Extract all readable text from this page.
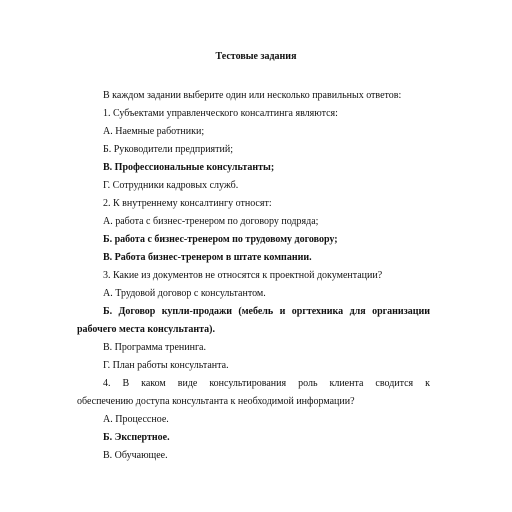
Тестовые задания
В каждом задании выберите один или несколько правильных ответов:
1. Субъектами управленческого консалтинга являются:
А. Наемные работники;
Б. Руководители предприятий;
В. Профессиональные консультанты;
Г. Сотрудники кадровых служб.
2. К внутреннему консалтингу относят:
А. работа с бизнес-тренером по договору подряда;
Б. работа с бизнес-тренером по трудовому договору;
В. Работа бизнес-тренером в штате компании.
3. Какие из документов не относятся к проектной документации?
А. Трудовой договор с консультантом.
Б. Договор купли-продажи (мебель и оргтехника для организации
рабочего места консультанта).
В. Программа тренинга.
Г. План работы консультанта.
4. В каком виде консультирования роль клиента сводится к
обеспечению доступа консультанта к необходимой информации?
А. Процессное.
Б. Экспертное.
В. Обучающее.
